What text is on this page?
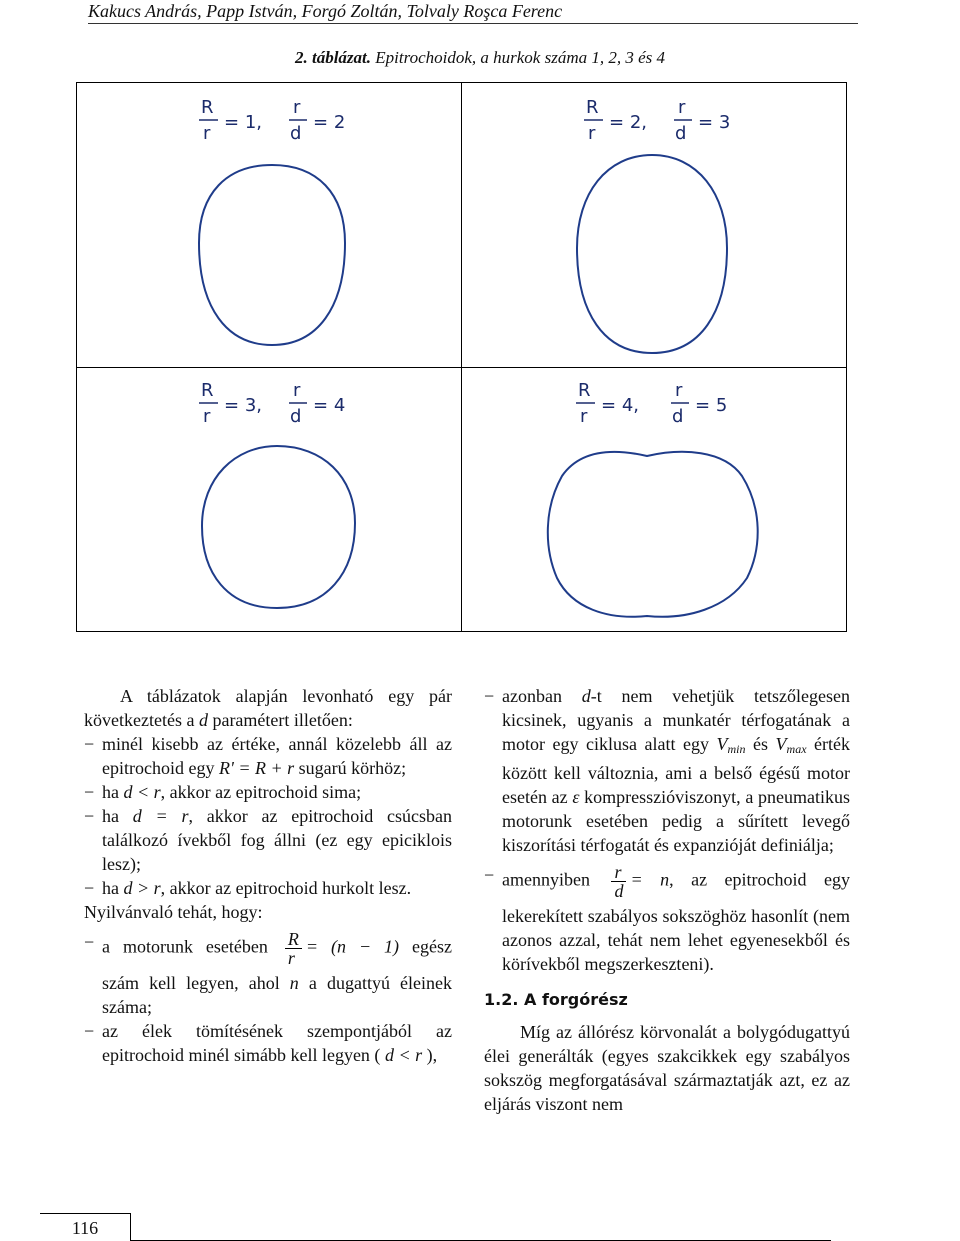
Kakucs András, Papp István, Forgó Zoltán, Tolvaly Roşca Ferenc
2. táblázat. Epitrochoidok, a hurkok száma 1, 2, 3 és 4
R
r
= 1,
r
d
= 2
R
r
= 2,
r
d
= 3
R
r
= 3,
r
d
= 4
R
r
= 4,
r
d
= 5
A táblázatok alapján levonható egy pár következtetés a d paramétert illetően:
− minél kisebb az értéke, annál közelebb áll az epitrochoid egy R' = R + r sugarú körhöz;
− ha d < r, akkor az epitrochoid sima;
− ha d = r, akkor az epitrochoid csúcsban találkozó ívekből fog állni (ez egy epiciklois lesz);
− ha d > r, akkor az epitrochoid hurkolt lesz.
Nyilvánvaló tehát, hogy:
− a motorunk esetében $\frac{R}{r} = (n - 1)$ egész
szám kell legyen, ahol n a dugattyú éleinek száma;
− az élek tömítésének szempontjából az epitrochoid minél simább kell legyen ( d < r ),
− azonban d-t nem vehetjük tetszőlegesen kicsinek, ugyanis a munkatér térfogatának a motor egy ciklusa alatt egy $V_{min}$ és $V_{max}$ érték között kell változnia, ami a belső égésű motor esetén az ε kompresszióviszonyt, a pneumatikus motorunk esetében pedig a sűrített levegő kiszorítási térfogatát és expanzióját definiálja;
− amennyiben $\frac{r}{d} = n$, az epitrochoid egy
lekerekített szabályos sokszöghöz hasonlít (nem azonos azzal, tehát nem lehet egyenesekből és körívekből megszerkeszteni).
1.2. A forgórész
Míg az állórész körvonalát a bolygódugattyú élei generálták (egyes szakcikkek egy szabályos sokszög megforgatásával származtatják azt, ez az eljárás viszont nem
116
